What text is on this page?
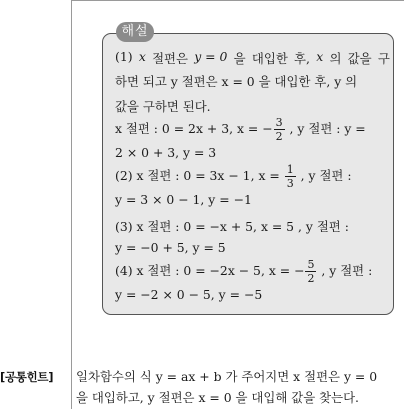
해설
(1) x 절편은 y = 0 을 대입한 후, x 의 값을 구
하면 되고 y 절편은 x = 0 을 대입한 후, y 의
값을 구하면 된다.
x 절편 : 0 = 2x + 3, x = − $\frac{3}{2}$ , y 절편 : y =
2 × 0 + 3, y = 3
(2) x 절편 : 0 = 3x − 1, $x = \frac{1}{3}$ , y 절편 :
y = 3 × 0 − 1, y = −1
(3) x 절편 : 0 = −x + 5, x = 5 , y 절편 :
y = −0 + 5, y = 5
(4) x 절편 : 0 = −2x − 5, x = − $\frac{5}{2}$ , y 절편 :
y = −2 × 0 − 5, y = −5
[공통힌트] 일차함수의 식 y = ax + b 가 주어지면 x 절편은 y = 0
을 대입하고, y 절편은 x = 0 을 대입해 값을 찾는다.
